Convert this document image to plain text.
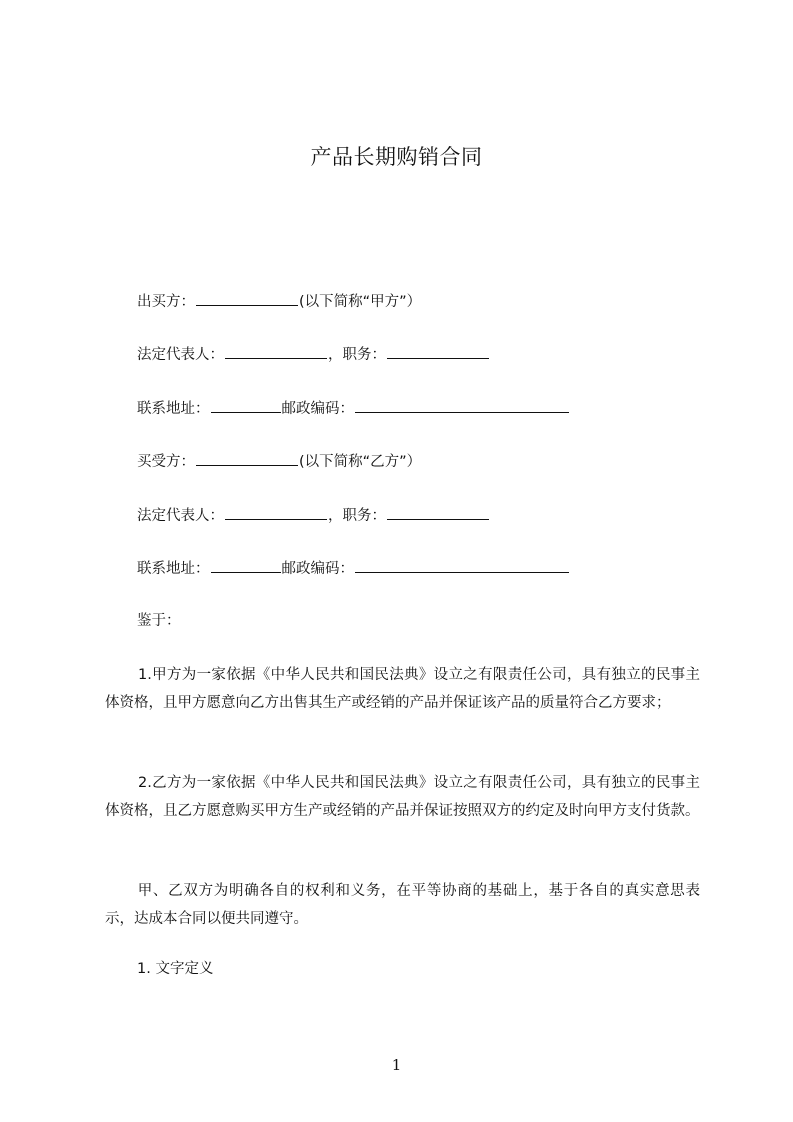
产品长期购销合同
出买方：	(以下简称“甲方”）
法定代表人：	，职务：
联系地址：	邮政编码：
买受方：	(以下简称“乙方”）
法定代表人：	，职务：
联系地址：	邮政编码：
鉴于：
1.甲方为一家依据《中华人民共和国民法典》设立之有限责任公司，具有独立的民事主体资格，且甲方愿意向乙方出售其生产或经销的产品并保证该产品的质量符合乙方要求；
2.乙方为一家依据《中华人民共和国民法典》设立之有限责任公司，具有独立的民事主体资格，且乙方愿意购买甲方生产或经销的产品并保证按照双方的约定及时向甲方支付货款。
甲、乙双方为明确各自的权利和义务，在平等协商的基础上，基于各自的真实意思表示，达成本合同以便共同遵守。
1. 文字定义
1
